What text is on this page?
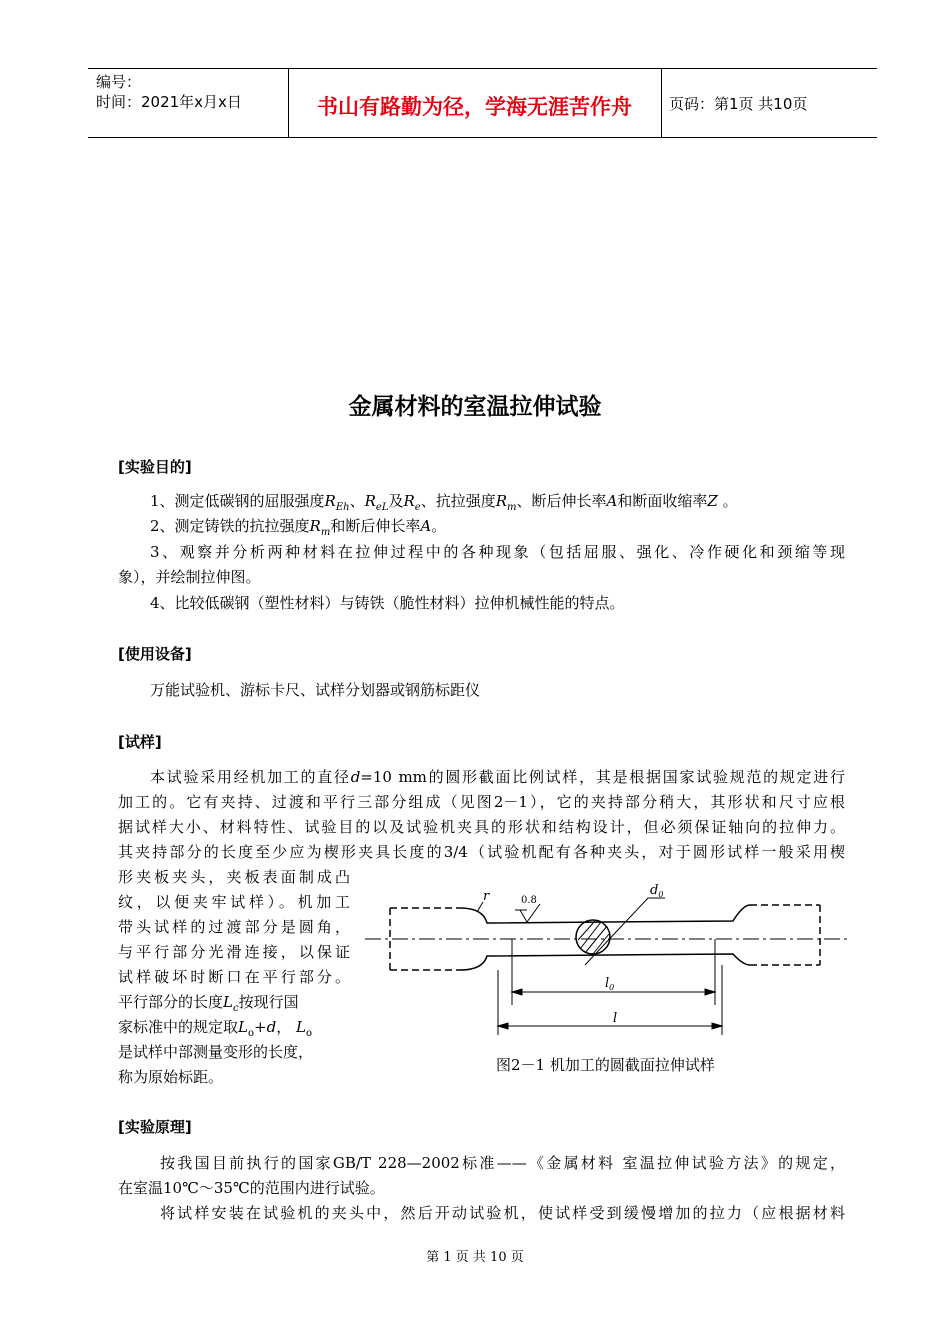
编号：
时间：2021年x月x日	书山有路勤为径，学海无涯苦作舟	页码：第1页 共10页
金属材料的室温拉伸试验
[实验目的]
1、测定低碳钢的屈服强度$R_{Eh}$、$R_{eL}$及$R_e$、抗拉强度$R_m$、断后伸长率A和断面收缩率Z 。
2、测定铸铁的抗拉强度$R_m$和断后伸长率A。
3、观察并分析两种材料在拉伸过程中的各种现象（包括屈服、强化、冷作硬化和颈缩等现
象），并绘制拉伸图。
4、比较低碳钢（塑性材料）与铸铁（脆性材料）拉伸机械性能的特点。
[使用设备]
万能试验机、游标卡尺、试样分划器或钢筋标距仪
[试样]
本试验采用经机加工的直径d=10 mm的圆形截面比例试样，其是根据国家试验规范的规定进行
加工的。它有夹持、过渡和平行三部分组成（见图2－1），它的夹持部分稍大，其形状和尺寸应根
据试样大小、材料特性、试验目的以及试验机夹具的形状和结构设计，但必须保证轴向的拉伸力。
其夹持部分的长度至少应为楔形夹具长度的3/4（试验机配有各种夹头，对于圆形试样一般采用楔
形夹板夹头，夹板表面制成凸
纹，以便夹牢试样）。机加工
带头试样的过渡部分是圆角，
与平行部分光滑连接，以保证
试样破坏时断口在平行部分。
平行部分的长度$L_c$按现行国
家标准中的规定取$L_o+d$， $L_o$
是试样中部测量变形的长度，
称为原始标距。
r	0.8
$d_0$
$l_0$
l
图2－1 机加工的圆截面拉伸试样
[实验原理]
按我国目前执行的国家GB/T 228—2002标准——《金属材料 室温拉伸试验方法》的规定，
在室温10℃～35℃的范围内进行试验。
将试样安装在试验机的夹头中，然后开动试验机，使试样受到缓慢增加的拉力（应根据材料
第 1 页 共 10 页
